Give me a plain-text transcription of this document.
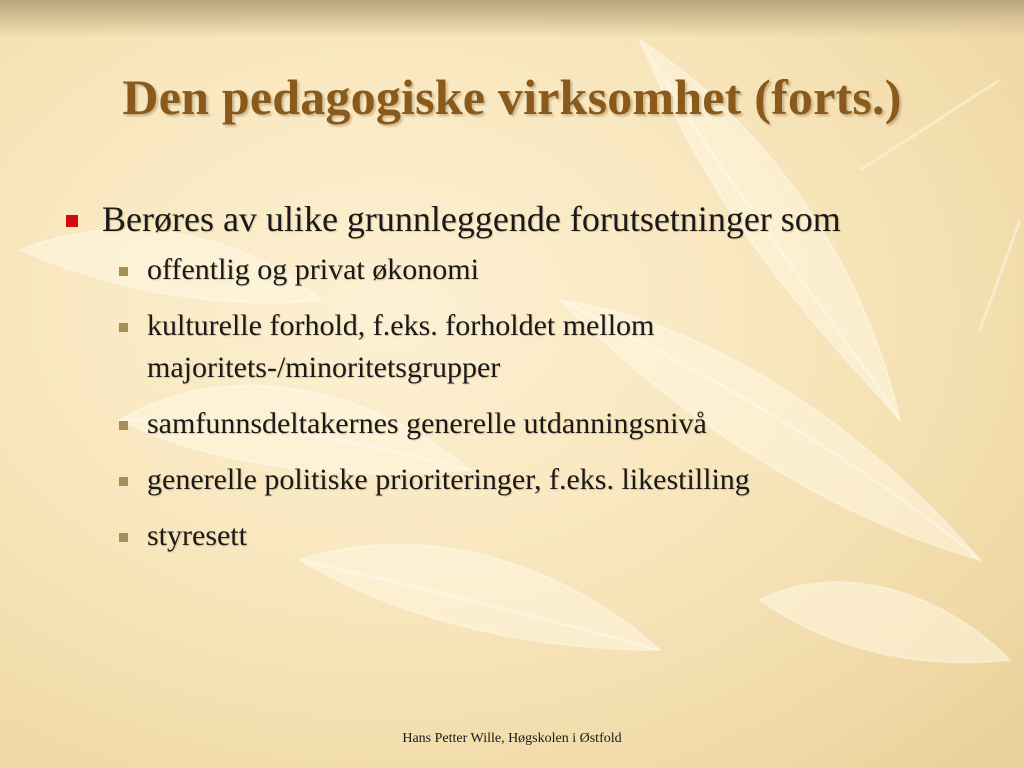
Den pedagogiske virksomhet (forts.)
Berøres av ulike grunnleggende forutsetninger som
offentlig og privat økonomi
kulturelle forhold, f.eks. forholdet mellom majoritets-/minoritetsgrupper
samfunnsdeltakernes generelle utdanningsnivå
generelle politiske prioriteringer, f.eks. likestilling
styresett
Hans Petter Wille, Høgskolen i Østfold
